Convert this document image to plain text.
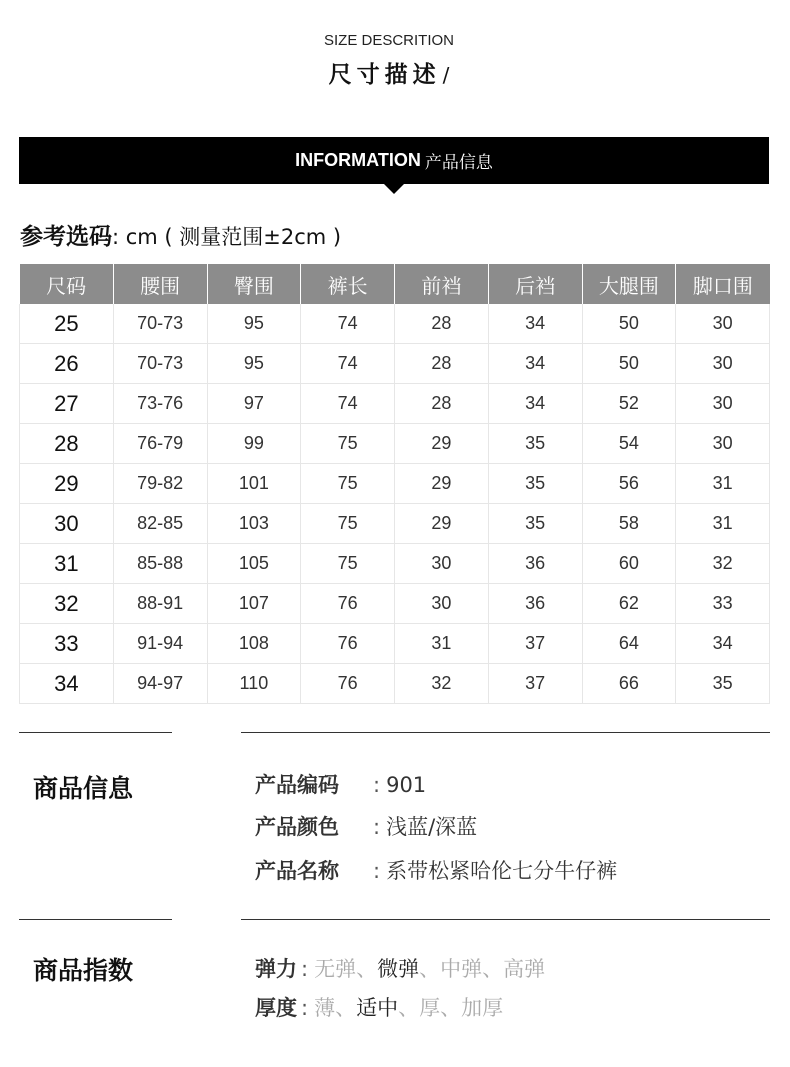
SIZE DESCRITION
尺寸描述 /
INFORMATION 产品信息
参考选码: cm ( 测量范围±2cm )
尺码	腰围	臀围	裤长	前裆	后裆	大腿围	脚口围
25	70-73	95	74	28	34	50	30
26	70-73	95	74	28	34	50	30
27	73-76	97	74	28	34	52	30
28	76-79	99	75	29	35	54	30
29	79-82	101	75	29	35	56	31
30	82-85	103	75	29	35	58	31
31	85-88	105	75	30	36	60	32
32	88-91	107	76	30	36	62	33
33	91-94	108	76	31	37	64	34
34	94-97	110	76	32	37	66	35
商品信息	产品编码	: 901
产品颜色	: 浅蓝/深蓝
产品名称	: 系带松紧哈伦七分牛仔裤
商品指数	弹力 : 无弹、微弹、中弹、高弹
厚度 : 薄、适中、厚、加厚
